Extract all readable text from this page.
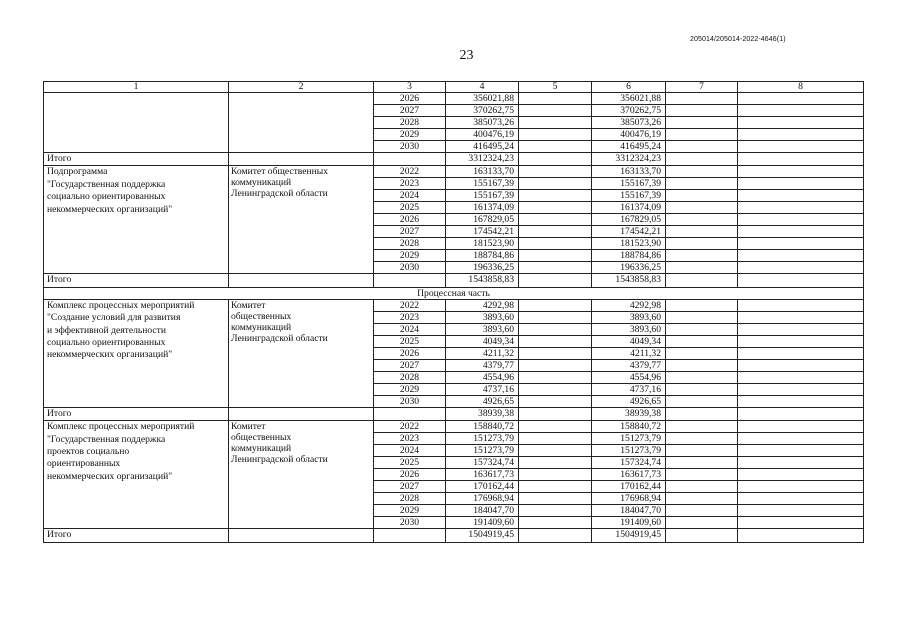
205014/205014-2022-4646(1)
23
1	2	3	4	5	6	7	8
		2026	356021,88		356021,88		
		2027	370262,75		370262,75		
		2028	385073,26		385073,26		
		2029	400476,19		400476,19		
		2030	416495,24		416495,24		
Итого			3312324,23		3312324,23		
Подпрограмма
"Государственная поддержка
социально ориентированных
некоммерческих организаций"	Комитет общественных
коммуникаций
Ленинградской области	2022	163133,70		163133,70		
		2023	155167,39		155167,39		
		2024	155167,39		155167,39		
		2025	161374,09		161374,09		
		2026	167829,05		167829,05		
		2027	174542,21		174542,21		
		2028	181523,90		181523,90		
		2029	188784,86		188784,86		
		2030	196336,25		196336,25		
Итого			1543858,83		1543858,83		
Процессная часть							
Комплекс процессных мероприятий
"Создание условий для развития
и эффективной деятельности
социально ориентированных
некоммерческих организаций"	Комитет
общественных
коммуникаций
Ленинградской области	2022	4292,98		4292,98		
		2023	3893,60		3893,60		
		2024	3893,60		3893,60		
		2025	4049,34		4049,34		
		2026	4211,32		4211,32		
		2027	4379,77		4379,77		
		2028	4554,96		4554,96		
		2029	4737,16		4737,16		
		2030	4926,65		4926,65		
Итого			38939,38		38939,38		
Комплекс процессных мероприятий
"Государственная поддержка
проектов социально
ориентированных
некоммерческих организаций"	Комитет
общественных
коммуникаций
Ленинградской области	2022	158840,72		158840,72		
		2023	151273,79		151273,79		
		2024	151273,79		151273,79		
		2025	157324,74		157324,74		
		2026	163617,73		163617,73		
		2027	170162,44		170162,44		
		2028	176968,94		176968,94		
		2029	184047,70		184047,70		
		2030	191409,60		191409,60		
Итого			1504919,45		1504919,45		
